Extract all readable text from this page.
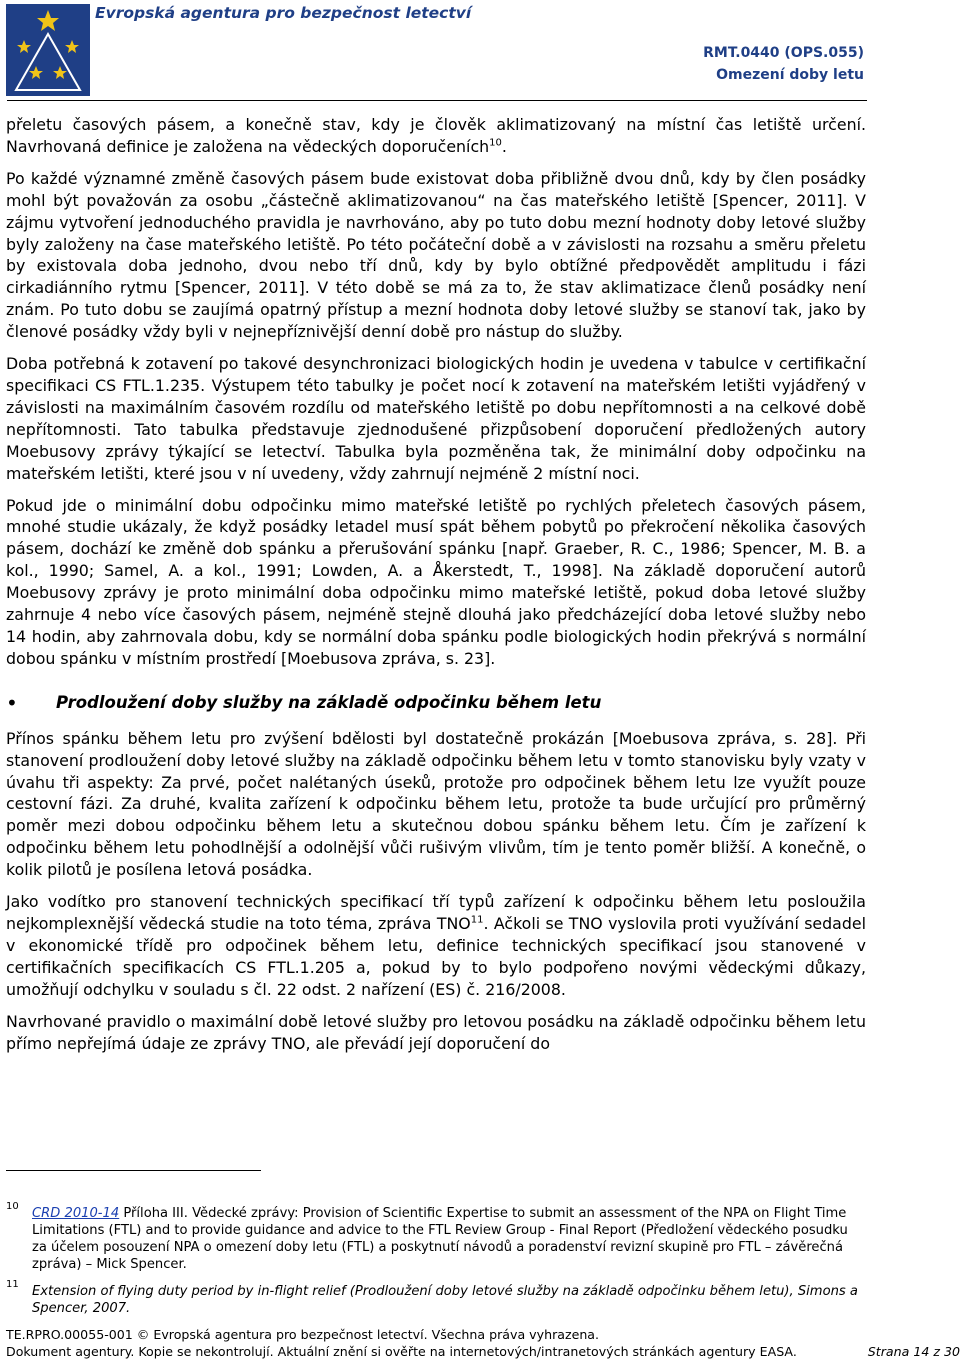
Evropská agentura pro bezpečnost letectví
RMT.0440 (OPS.055)
Omezení doby letu

přeletu časových pásem, a konečně stav, kdy je člověk aklimatizovaný na místní čas letiště určení. Navrhovaná definice je založena na vědeckých doporučeních$^{10}$.

Po každé významné změně časových pásem bude existovat doba přibližně dvou dnů, kdy by člen posádky mohl být považován za osobu „částečně aklimatizovanou“ na čas mateřského letiště [Spencer, 2011]. V zájmu vytvoření jednoduchého pravidla je navrhováno, aby po tuto dobu mezní hodnoty doby letové služby byly založeny na čase mateřského letiště. Po této počáteční době a v závislosti na rozsahu a směru přeletu by existovala doba jednoho, dvou nebo tří dnů, kdy by bylo obtížné předpovědět amplitudu i fázi cirkadiánního rytmu [Spencer, 2011]. V této době se má za to, že stav aklimatizace členů posádky není znám. Po tuto dobu se zaujímá opatrný přístup a mezní hodnota doby letové služby se stanoví tak, jako by členové posádky vždy byli v nejnepříznivější denní době pro nástup do služby.

Doba potřebná k zotavení po takové desynchronizaci biologických hodin je uvedena v tabulce v certifikační specifikaci CS FTL.1.235. Výstupem této tabulky je počet nocí k zotavení na mateřském letišti vyjádřený v závislosti na maximálním časovém rozdílu od mateřského letiště po dobu nepřítomnosti a na celkové době nepřítomnosti. Tato tabulka představuje zjednodušené přizpůsobení doporučení předložených autory Moebusovy zprávy týkající se letectví. Tabulka byla pozměněna tak, že minimální doby odpočinku na mateřském letišti, které jsou v ní uvedeny, vždy zahrnují nejméně 2 místní noci.

Pokud jde o minimální dobu odpočinku mimo mateřské letiště po rychlých přeletech časových pásem, mnohé studie ukázaly, že když posádky letadel musí spát během pobytů po překročení několika časových pásem, dochází ke změně dob spánku a přerušování spánku [např. Graeber, R. C., 1986; Spencer, M. B. a kol., 1990; Samel, A. a kol., 1991; Lowden, A. a Åkerstedt, T., 1998]. Na základě doporučení autorů Moebusovy zprávy je proto minimální doba odpočinku mimo mateřské letiště, pokud doba letové služby zahrnuje 4 nebo více časových pásem, nejméně stejně dlouhá jako předcházející doba letové služby nebo 14 hodin, aby zahrnovala dobu, kdy se normální doba spánku podle biologických hodin překrývá s normální dobou spánku v místním prostředí [Moebusova zpráva, s. 23].

•	Prodloužení doby služby na základě odpočinku během letu

Přínos spánku během letu pro zvýšení bdělosti byl dostatečně prokázán [Moebusova zpráva, s. 28]. Při stanovení prodloužení doby letové služby na základě odpočinku během letu v tomto stanovisku byly vzaty v úvahu tři aspekty: Za prvé, počet nalétaných úseků, protože pro odpočinek během letu lze využít pouze cestovní fázi. Za druhé, kvalita zařízení k odpočinku během letu, protože ta bude určující pro průměrný poměr mezi dobou odpočinku během letu a skutečnou dobou spánku během letu. Čím je zařízení k odpočinku během letu pohodlnější a odolnější vůči rušivým vlivům, tím je tento poměr bližší. A konečně, o kolik pilotů je posílena letová posádka.

Jako vodítko pro stanovení technických specifikací tří typů zařízení k odpočinku během letu posloužila nejkomplexnější vědecká studie na toto téma, zpráva TNO$^{11}$. Ačkoli se TNO vyslovila proti využívání sedadel v ekonomické třídě pro odpočinek během letu, definice technických specifikací jsou stanovené v certifikačních specifikacích CS FTL.1.205 a, pokud by to bylo podpořeno novými vědeckými důkazy, umožňují odchylku v souladu s čl. 22 odst. 2 nařízení (ES) č. 216/2008.

Navrhované pravidlo o maximální době letové služby pro letovou posádku na základě odpočinku během letu přímo nepřejímá údaje ze zprávy TNO, ale převádí její doporučení do

10 CRD 2010-14 Příloha III. Vědecké zprávy: Provision of Scientific Expertise to submit an assessment of the NPA on Flight Time Limitations (FTL) and to provide guidance and advice to the FTL Review Group - Final Report (Předložení vědeckého posudku za účelem posouzení NPA o omezení doby letu (FTL) a poskytnutí návodů a poradenství revizní skupině pro FTL – závěrečná zpráva) – Mick Spencer.
11 Extension of flying duty period by in-flight relief (Prodloužení doby letové služby na základě odpočinku během letu), Simons a Spencer, 2007.
TE.RPRO.00055-001 © Evropská agentura pro bezpečnost letectví. Všechna práva vyhrazena.
Dokument agentury. Kopie se nekontrolují. Aktuální znění si ověřte na internetových/intranetových stránkách agentury EASA.	Strana 14 z 30
